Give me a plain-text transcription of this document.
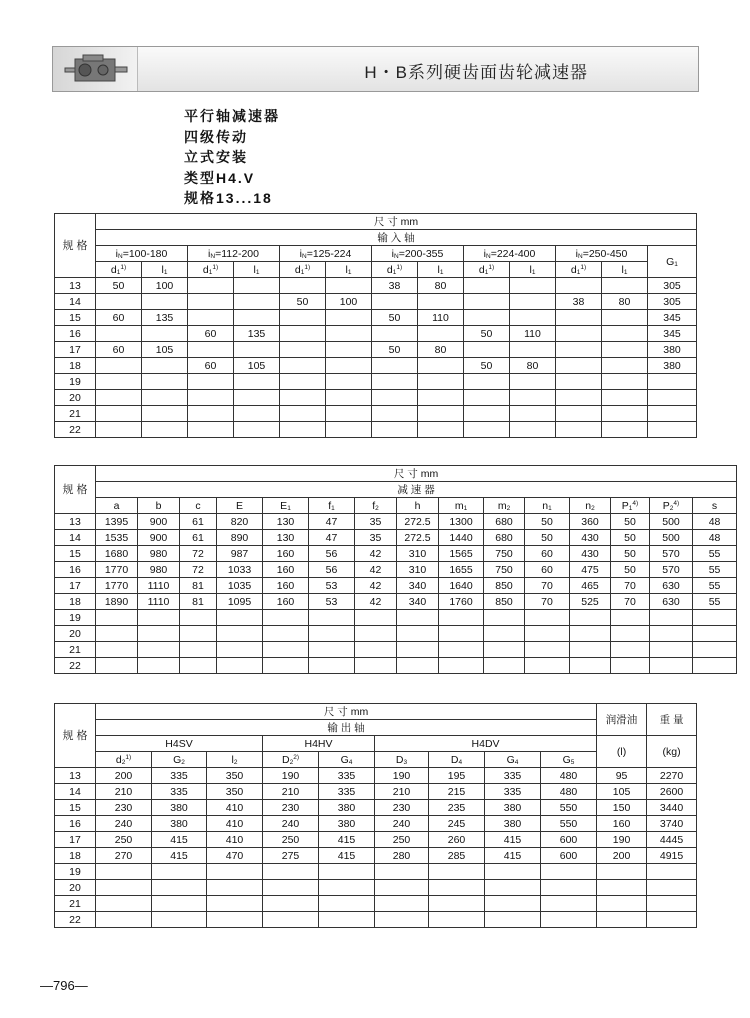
H・B系列硬齿面齿轮减速器
平行轴减速器
四级传动
立式安装
类型H4.V
规格13...18
规 格	尺 寸 mm												
	输 入 轴												
	$i_N=100-180$		$i_N=112-200$		$i_N=125-224$		$i_N=200-355$		$i_N=224-400$		$i_N=250-450$		$G_1$
	$d_1^{1)}$	$l_1$	$d_1^{1)}$	$l_1$	$d_1^{1)}$	$l_1$	$d_1^{1)}$	$l_1$	$d_1^{1)}$	$l_1$	$d_1^{1)}$	$l_1$
13	50	100					38	80					305
14					50	100					38	80	305
15	60	135					50	110					345
16			60	135					50	110			345
17	60	105					50	80					380
18			60	105					50	80			380
19													
20													
21													
22													
规 格	尺 寸 mm														
	减 速 器														
	a	b	c	E	$E_1$	$f_1$	$f_2$	h	$m_1$	$m_2$	$n_1$	$n_2$	$P_1^{4)}$	$P_2^{4)}$	s
13	1395	900	61	820	130	47	35	272.5	1300	680	50	360	50	500	48
14	1535	900	61	890	130	47	35	272.5	1440	680	50	430	50	500	48
15	1680	980	72	987	160	56	42	310	1565	750	60	430	50	570	55
16	1770	980	72	1033	160	56	42	310	1655	750	60	475	50	570	55
17	1770	1110	81	1035	160	53	42	340	1640	850	70	465	70	630	55
18	1890	1110	81	1095	160	53	42	340	1760	850	70	525	70	630	55
19															
20															
21															
22															
规 格	尺 寸 mm									润滑油	重 量
	输 出 轴										
	H4SV			H4HV		H4DV				(l)	(kg)
	$d_2^{1)}$	$G_2$	$l_2$	$D_2^{2)}$	$G_4$	$D_3$	$D_4$	$G_4$	$G_5$
13	200	335	350	190	335	190	195	335	480	95	2270
14	210	335	350	210	335	210	215	335	480	105	2600
15	230	380	410	230	380	230	235	380	550	150	3440
16	240	380	410	240	380	240	245	380	550	160	3740
17	250	415	410	250	415	250	260	415	600	190	4445
18	270	415	470	275	415	280	285	415	600	200	4915
19											
20											
21											
22											
—796—
